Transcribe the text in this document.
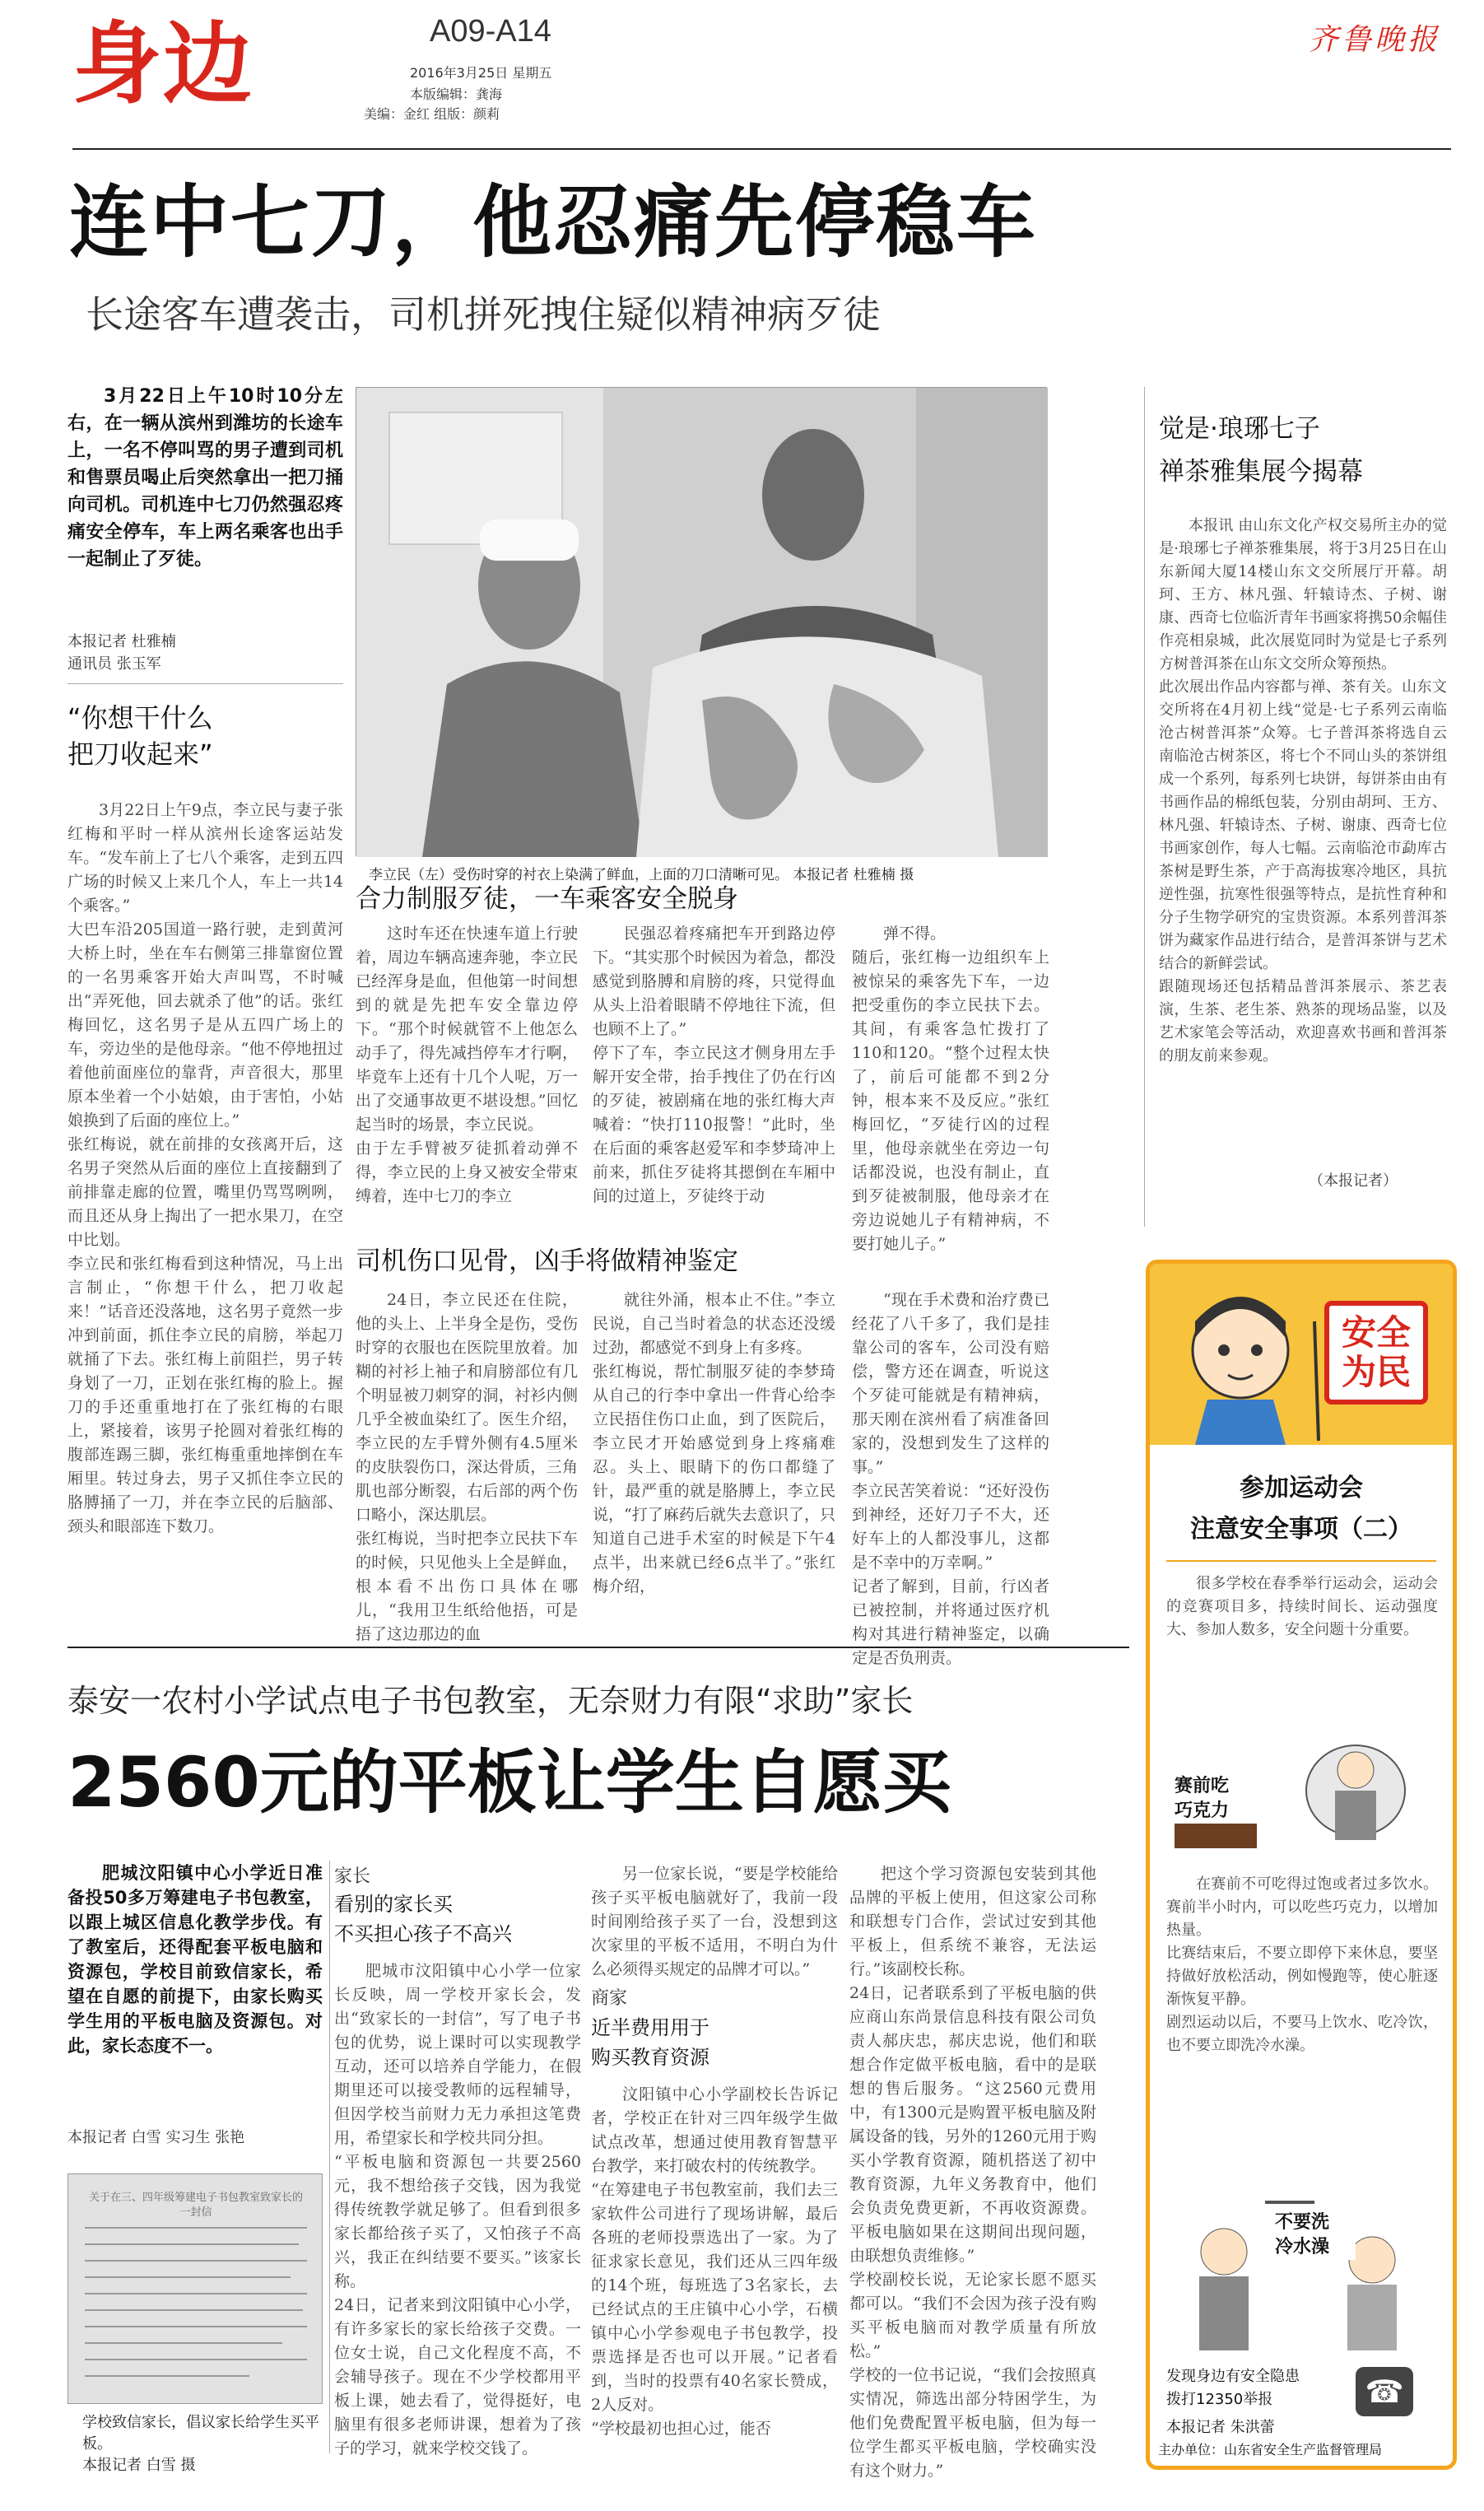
身边	A09-A14
2016年3月25日 星期五
本版编辑：龚海
美编：金红 组版：颜莉
齐鲁晚报
连中七刀，他忍痛先停稳车
长途客车遭袭击，司机拼死拽住疑似精神病歹徒
3月22日上午10时10分左右，在一辆从滨州到潍坊的长途车上，一名不停叫骂的男子遭到司机和售票员喝止后突然拿出一把刀捅向司机。司机连中七刀仍然强忍疼痛安全停车，车上两名乘客也出手一起制止了歹徒。
本报记者 杜雅楠
通讯员 张玉军
“你想干什么
把刀收起来”
3月22日上午9点，李立民与妻子张红梅和平时一样从滨州长途客运站发车。“发车前上了七八个乘客，走到五四广场的时候又上来几个人，车上一共14个乘客。”
大巴车沿205国道一路行驶，走到黄河大桥上时，坐在车右侧第三排靠窗位置的一名男乘客开始大声叫骂，不时喊出“弄死他，回去就杀了他”的话。张红梅回忆，这名男子是从五四广场上的车，旁边坐的是他母亲。“他不停地扭过着他前面座位的靠背，声音很大，那里原本坐着一个小姑娘，由于害怕，小姑娘换到了后面的座位上。”
张红梅说，就在前排的女孩离开后，这名男子突然从后面的座位上直接翻到了前排靠走廊的位置，嘴里仍骂骂咧咧，而且还从身上掏出了一把水果刀，在空中比划。
李立民和张红梅看到这种情况，马上出言制止，“你想干什么，把刀收起来！”话音还没落地，这名男子竟然一步冲到前面，抓住李立民的肩膀，举起刀就捅了下去。张红梅上前阻拦，男子转身划了一刀，正划在张红梅的脸上。握刀的手还重重地打在了张红梅的右眼上，紧接着，该男子抡圆对着张红梅的腹部连踢三脚，张红梅重重地摔倒在车厢里。转过身去，男子又抓住李立民的胳膊捅了一刀，并在李立民的后脑部、颈头和眼部连下数刀。
李立民（左）受伤时穿的衬衣上染满了鲜血，上面的刀口清晰可见。 本报记者 杜雅楠 摄
合力制服歹徒，一车乘客安全脱身
这时车还在快速车道上行驶着，周边车辆高速奔驰，李立民已经浑身是血，但他第一时间想到的就是先把车安全靠边停下。“那个时候就管不上他怎么动手了，得先减挡停车才行啊，毕竟车上还有十几个人呢，万一出了交通事故更不堪设想。”回忆起当时的场景，李立民说。
由于左手臂被歹徒抓着动弹不得，李立民的上身又被安全带束缚着，连中七刀的李立
民强忍着疼痛把车开到路边停下。“其实那个时候因为着急，都没感觉到胳膊和肩膀的疼，只觉得血从头上沿着眼睛不停地往下流，但也顾不上了。”
停下了车，李立民这才侧身用左手解开安全带，抬手拽住了仍在行凶的歹徒，被剧痛在地的张红梅大声喊着：“快打110报警！”此时，坐在后面的乘客赵爱军和李梦琦冲上前来，抓住歹徒将其摁倒在车厢中间的过道上，歹徒终于动
弹不得。
随后，张红梅一边组织车上被惊呆的乘客先下车，一边把受重伤的李立民扶下去。其间，有乘客急忙拨打了110和120。“整个过程太快了，前后可能都不到2分钟，根本来不及反应。”张红梅回忆，“歹徒行凶的过程里，他母亲就坐在旁边一句话都没说，也没有制止，直到歹徒被制服，他母亲才在旁边说她儿子有精神病，不要打她儿子。”
司机伤口见骨，凶手将做精神鉴定
24日，李立民还在住院，他的头上、上半身全是伤，受伤时穿的衣服也在医院里放着。加糊的衬衫上袖子和肩膀部位有几个明显被刀刺穿的洞，衬衫内侧几乎全被血染红了。医生介绍，李立民的左手臂外侧有4.5厘米的皮肤裂伤口，深达骨质，三角肌也部分断裂，右后部的两个伤口略小，深达肌层。
张红梅说，当时把李立民扶下车的时候，只见他头上全是鲜血，根本看不出伤口具体在哪儿，“我用卫生纸给他捂，可是捂了这边那边的血
就往外涌，根本止不住。”李立民说，自己当时着急的状态还没缓过劲，都感觉不到身上有多疼。
张红梅说，帮忙制服歹徒的李梦琦从自己的行李中拿出一件背心给李立民捂住伤口止血，到了医院后，李立民才开始感觉到身上疼痛难忍。头上、眼睛下的伤口都缝了针，最严重的就是胳膊上，李立民说，“打了麻药后就失去意识了，只知道自己进手术室的时候是下午4点半，出来就已经6点半了。”张红梅介绍，
“现在手术费和治疗费已经花了八千多了，我们是挂靠公司的客车，公司没有赔偿，警方还在调查，听说这个歹徒可能就是有精神病，那天刚在滨州看了病准备回家的，没想到发生了这样的事。”
李立民苦笑着说：“还好没伤到神经，还好刀子不大，还好车上的人都没事儿，这都是不幸中的万幸啊。”
记者了解到，目前，行凶者已被控制，并将通过医疗机构对其进行精神鉴定，以确定是否负刑责。
觉是·琅琊七子
禅茶雅集展今揭幕
本报讯 由山东文化产权交易所主办的觉是·琅琊七子禅茶雅集展，将于3月25日在山东新闻大厦14楼山东文交所展厅开幕。胡珂、王方、林凡强、轩辕诗杰、子树、谢康、西奇七位临沂青年书画家将携50余幅佳作亮相泉城，此次展览同时为觉是七子系列方树普洱茶在山东文交所众筹预热。
此次展出作品内容都与禅、茶有关。山东文交所将在4月初上线“觉是·七子系列云南临沧古树普洱茶”众筹。七子普洱茶将选自云南临沧古树茶区，将七个不同山头的茶饼组成一个系列，每系列七块饼，每饼茶由由有书画作品的棉纸包装，分别由胡珂、王方、林凡强、轩辕诗杰、子树、谢康、西奇七位书画家创作，每人七幅。云南临沧市勐库古茶树是野生茶，产于高海拔寒冷地区，具抗逆性强，抗寒性很强等特点，是抗性育种和分子生物学研究的宝贵资源。本系列普洱茶饼为藏家作品进行结合，是普洱茶饼与艺术结合的新鲜尝试。
跟随现场还包括精品普洱茶展示、茶艺表演，生茶、老生茶、熟茶的现场品鉴，以及艺术家笔会等活动，欢迎喜欢书画和普洱茶的朋友前来参观。
（本报记者）
安全为民
参加运动会
注意安全事项（二）
很多学校在春季举行运动会，运动会的竞赛项目多，持续时间长、运动强度大、参加人数多，安全问题十分重要。
赛前吃
巧克力
在赛前不可吃得过饱或者过多饮水。赛前半小时内，可以吃些巧克力，以增加热量。
比赛结束后，不要立即停下来休息，要坚持做好放松活动，例如慢跑等，使心脏逐渐恢复平静。
剧烈运动以后，不要马上饮水、吃冷饮，也不要立即洗冷水澡。
不要洗
冷水澡
☎
发现身边有安全隐患
拨打12350举报
本报记者 朱洪蕾
主办单位：山东省安全生产监督管理局
泰安一农村小学试点电子书包教室，无奈财力有限“求助”家长
2560元的平板让学生自愿买
肥城汶阳镇中心小学近日准备投50多万筹建电子书包教室，以跟上城区信息化教学步伐。有了教室后，还得配套平板电脑和资源包，学校目前致信家长，希望在自愿的前提下，由家长购买学生用的平板电脑及资源包。对此，家长态度不一。
本报记者 白雪 实习生 张艳
关于在三、四年级筹建电子书包教室致家长的一封信
学校致信家长，倡议家长给学生买平板。
本报记者 白雪 摄
家长
看别的家长买
不买担心孩子不高兴
肥城市汶阳镇中心小学一位家长反映，周一学校开家长会，发出“致家长的一封信”，写了电子书包的优势，说上课时可以实现教学互动，还可以培养自学能力，在假期里还可以接受教师的远程辅导，但因学校当前财力无力承担这笔费用，希望家长和学校共同分担。
“平板电脑和资源包一共要2560元，我不想给孩子交钱，因为我觉得传统教学就足够了。但看到很多家长都给孩子买了，又怕孩子不高兴，我正在纠结要不要买。”该家长称。
24日，记者来到汶阳镇中心小学，有许多家长的家长给孩子交费。一位女士说，自己文化程度不高，不会辅导孩子。现在不少学校都用平板上课，她去看了，觉得挺好，电脑里有很多老师讲课，想着为了孩子的学习，就来学校交钱了。
另一位家长说，“要是学校能给孩子买平板电脑就好了，我前一段时间刚给孩子买了一台，没想到这次家里的平板不适用，不明白为什么必须得买规定的品牌才可以。”
商家
近半费用用于
购买教育资源
汶阳镇中心小学副校长告诉记者，学校正在针对三四年级学生做试点改革，想通过使用教育智慧平台教学，来打破农村的传统教学。
“在筹建电子书包教室前，我们去三家软件公司进行了现场讲解，最后各班的老师投票选出了一家。为了征求家长意见，我们还从三四年级的14个班，每班选了3名家长，去已经试点的王庄镇中心小学，石横镇中心小学参观电子书包教学，投票选择是否也可以开展。”记者看到，当时的投票有40名家长赞成，2人反对。
“学校最初也担心过，能否
把这个学习资源包安装到其他品牌的平板上使用，但这家公司称和联想专门合作，尝试过安到其他平板上，但系统不兼容，无法运行。”该副校长称。
24日，记者联系到了平板电脑的供应商山东尚景信息科技有限公司负责人郝庆忠，郝庆忠说，他们和联想合作定做平板电脑，看中的是联想的售后服务。“这2560元费用中，有1300元是购置平板电脑及附属设备的钱，另外的1260元用于购买小学教育资源，随机搭送了初中教育资源，九年义务教育中，他们会负责免费更新，不再收资源费。平板电脑如果在这期间出现问题，由联想负责维修。”
学校副校长说，无论家长愿不愿买都可以。“我们不会因为孩子没有购买平板电脑而对教学质量有所放松。”
学校的一位书记说，“我们会按照真实情况，筛选出部分特困学生，为他们免费配置平板电脑，但为每一位学生都买平板电脑，学校确实没有这个财力。”
